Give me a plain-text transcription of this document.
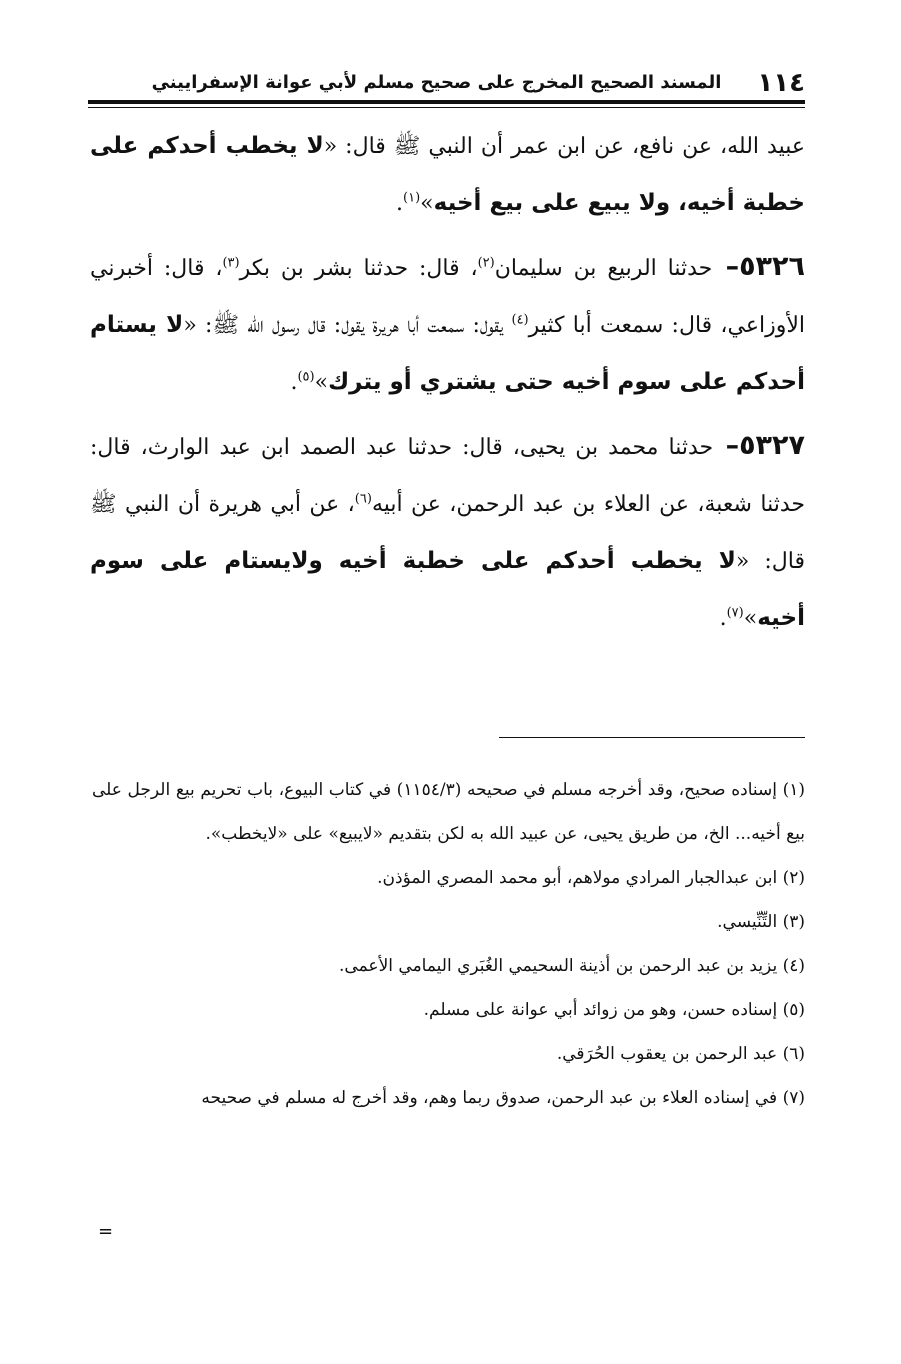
١١٤
المسند الصحيح المخرج على صحيح مسلم لأبي عوانة الإسفراييني

عبيد الله، عن نافع، عن ابن عمر أن النبي ﷺ قال: «لا يخطب أحدكم على خطبة أخيه، ولا يبيع على بيع أخيه»$^{(١)}$.

٥٣٢٦– حدثنا الربيع بن سليمان$^{(٢)}$، قال: حدثنا بشر بن بكر$^{(٣)}$، قال: أخبرني الأوزاعي، قال: سمعت أبا كثير$^{(٤)}$ يقول: سمعت أبا هريرة يقول: قال رسول الله ﷺ: «لا يستام أحدكم على سوم أخيه حتى يشتري أو يترك»$^{(٥)}$.

٥٣٢٧– حدثنا محمد بن يحيى، قال: حدثنا عبد الصمد ابن عبد الوارث، قال: حدثنا شعبة، عن العلاء بن عبد الرحمن، عن أبيه$^{(٦)}$، عن أبي هريرة أن النبي ﷺ قال: «لا يخطب أحدكم على خطبة أخيه ولايستام على سوم أخيه»$^{(٧)}$.

(١) إسناده صحيح، وقد أخرجه مسلم في صحيحه (١١٥٤/٣) في كتاب البيوع، باب تحريم بيع الرجل على بيع أخيه... الخ، من طريق يحيى، عن عبيد الله به لكن بتقديم «لايبيع» على «لايخطب».

(٢) ابن عبدالجبار المرادي مولاهم، أبو محمد المصري المؤذن.

(٣) التِّنِّيسي.

(٤) يزيد بن عبد الرحمن بن أذينة السحيمي الغُبَري اليمامي الأعمى.

(٥) إسناده حسن، وهو من زوائد أبي عوانة على مسلم.

(٦) عبد الرحمن بن يعقوب الحُرَقي.

(٧) في إسناده العلاء بن عبد الرحمن، صدوق ربما وهم، وقد أخرج له مسلم في صحيحه

=
